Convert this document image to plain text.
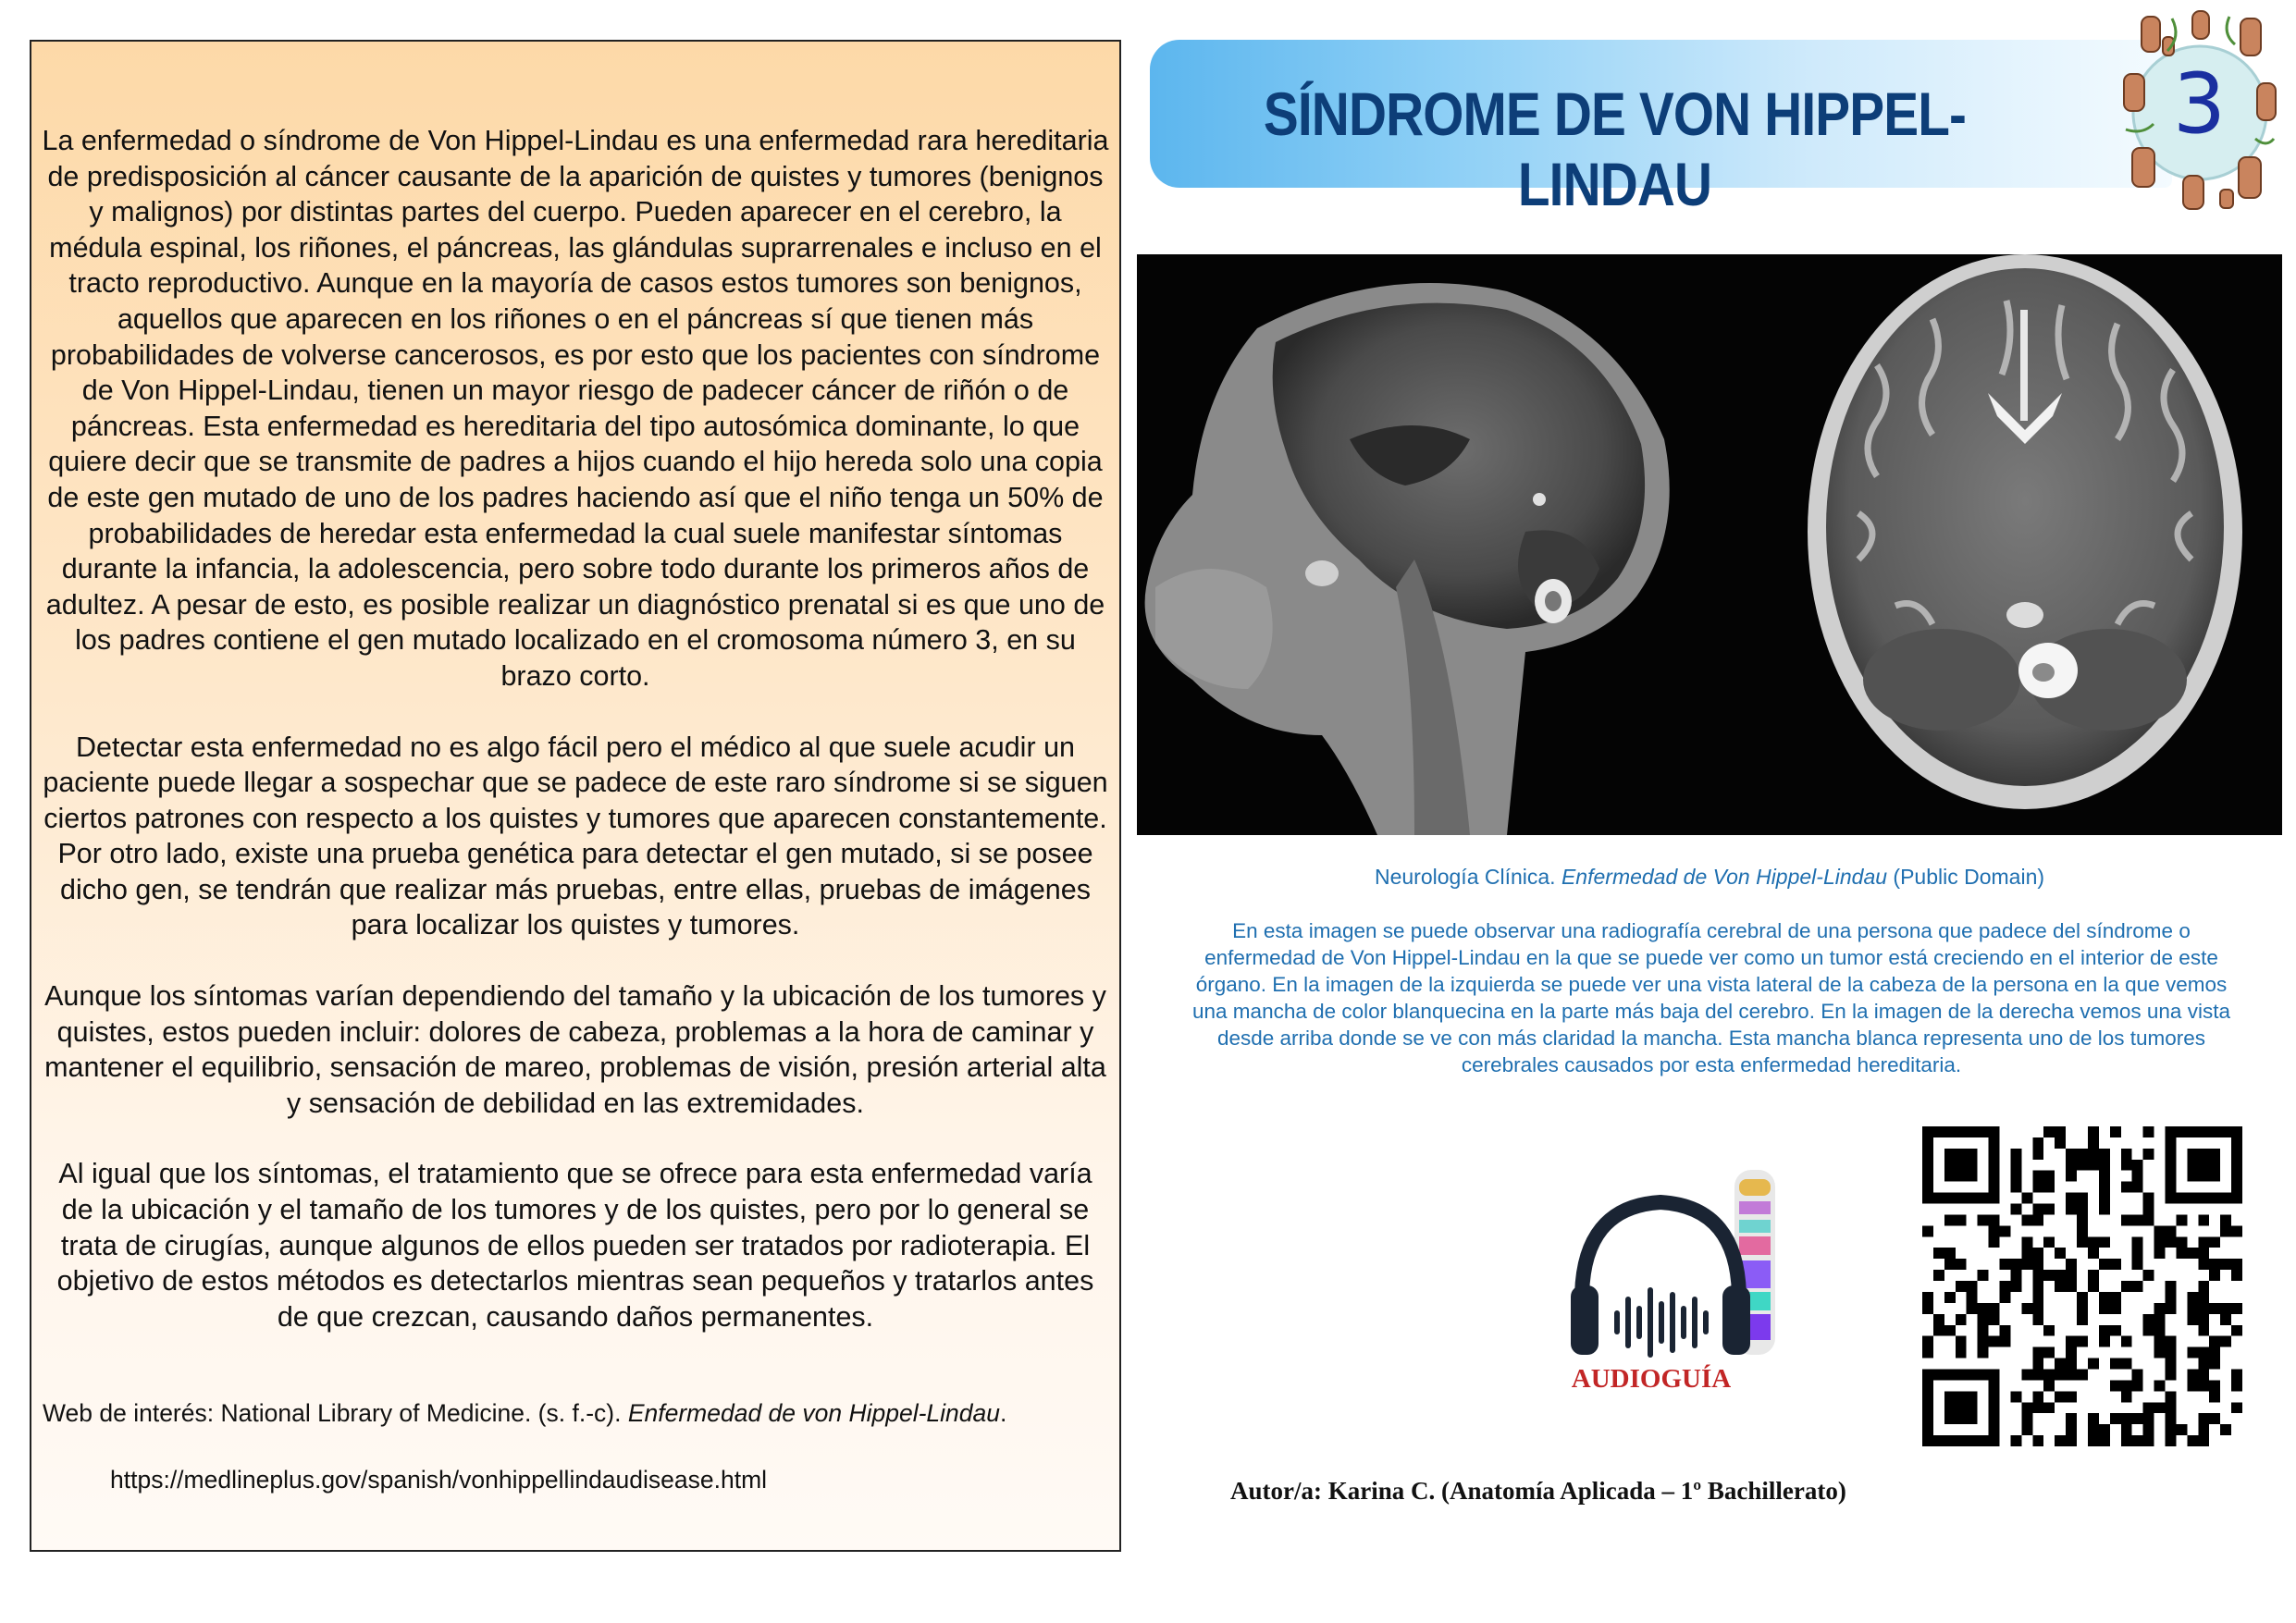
La enfermedad o síndrome de Von Hippel-Lindau es una enfermedad rara hereditaria de predisposición al cáncer causante de la aparición de quistes y tumores (benignos y malignos) por distintas partes del cuerpo. Pueden aparecer en el cerebro, la médula espinal, los riñones, el páncreas, las glándulas suprarrenales e incluso en el tracto reproductivo. Aunque en la mayoría de casos estos tumores son benignos, aquellos que aparecen en los riñones o en el páncreas sí que tienen más probabilidades de volverse cancerosos, es por esto que los pacientes con síndrome de Von Hippel-Lindau, tienen un mayor riesgo de padecer cáncer de riñón o de páncreas. Esta enfermedad es hereditaria del tipo autosómica dominante, lo que quiere decir que se transmite de padres a hijos cuando el hijo hereda solo una copia de este gen mutado de uno de los padres haciendo así que el niño tenga un 50% de probabilidades de heredar esta enfermedad la cual suele manifestar síntomas durante la infancia, la adolescencia, pero sobre todo durante los primeros años de adultez. A pesar de esto, es posible realizar un diagnóstico prenatal si es que uno de los padres contiene el gen mutado localizado en el cromosoma número 3, en su brazo corto.

Detectar esta enfermedad no es algo fácil pero el médico al que suele acudir un paciente puede llegar a sospechar que se padece de este raro síndrome si se siguen ciertos patrones con respecto a los quistes y tumores que aparecen constantemente. Por otro lado, existe una prueba genética para detectar el gen mutado, si se posee dicho gen, se tendrán que realizar más pruebas, entre ellas, pruebas de imágenes para localizar los quistes y tumores.

Aunque los síntomas varían dependiendo del tamaño y la ubicación de los tumores y quistes, estos pueden incluir: dolores de cabeza, problemas a la hora de caminar y mantener el equilibrio, sensación de mareo, problemas de visión, presión arterial alta y sensación de debilidad en las extremidades.

Al igual que los síntomas, el tratamiento que se ofrece para esta enfermedad varía de la ubicación y el tamaño de los tumores y de los quistes, pero por lo general se trata de cirugías, aunque algunos de ellos pueden ser tratados por radioterapia. El objetivo de estos métodos es detectarlos mientras sean pequeños y tratarlos antes de que crezcan, causando daños permanentes.

Web de interés: National Library of Medicine. (s. f.-c). Enfermedad de von Hippel-Lindau.
https://medlineplus.gov/spanish/vonhippellindaudisease.html
SÍNDROME DE VON HIPPEL-LINDAU
3
Neurología Clínica. Enfermedad de Von Hippel-Lindau (Public Domain)
En esta imagen se puede observar una radiografía cerebral de una persona que padece del síndrome o enfermedad de Von Hippel-Lindau en la que se puede ver como un tumor está creciendo en el interior de este órgano. En la imagen de la izquierda se puede ver una vista lateral de la cabeza de la persona en la que vemos una mancha de color blanquecina en la parte más baja del cerebro. En la imagen de la derecha vemos una vista desde arriba donde se ve con más claridad la mancha. Esta mancha blanca representa uno de los tumores cerebrales causados por esta enfermedad hereditaria.
AUDIOGUÍA
Autor/a: Karina C. (Anatomía Aplicada – 1º Bachillerato)
